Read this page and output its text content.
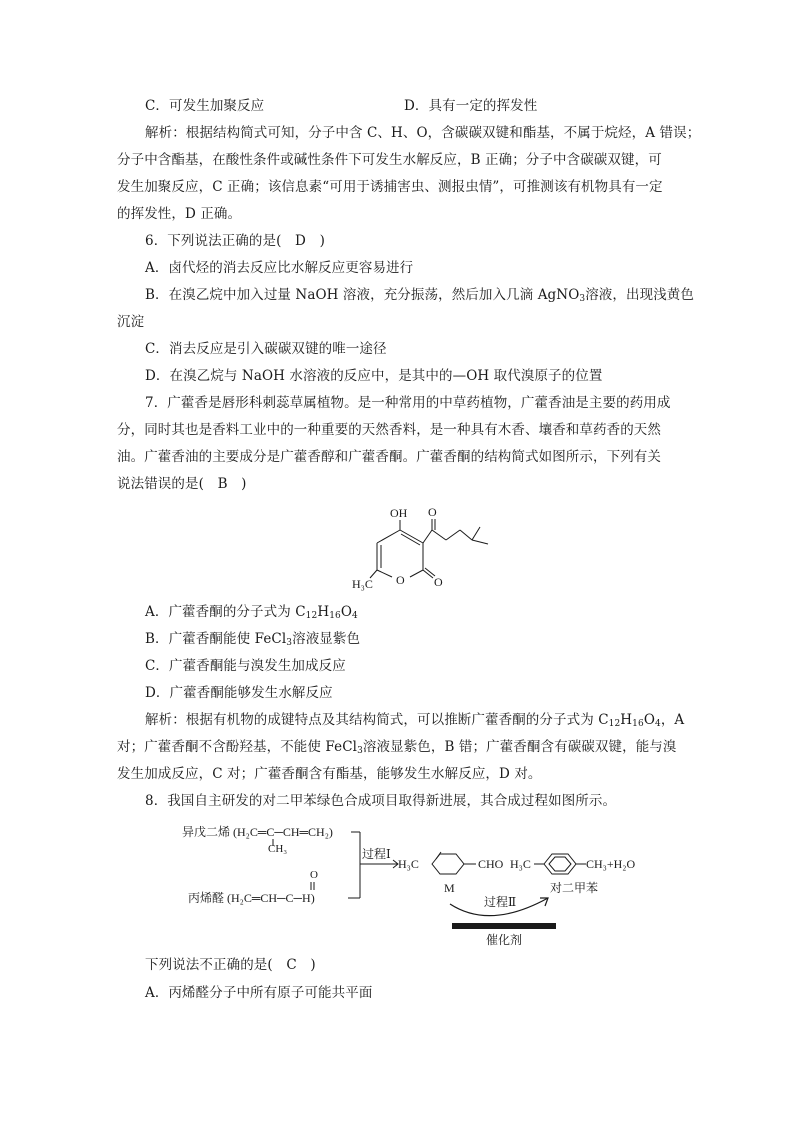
C．可发生加聚反应	D．具有一定的挥发性
解析：根据结构简式可知，分子中含 C、H、O，含碳碳双键和酯基，不属于烷烃，A 错误；
分子中含酯基，在酸性条件或碱性条件下可发生水解反应，B 正确；分子中含碳碳双键，可
发生加聚反应，C 正确；该信息素“可用于诱捕害虫、测报虫情”，可推测该有机物具有一定
的挥发性，D 正确。
6．下列说法正确的是(　D　)
A．卤代烃的消去反应比水解反应更容易进行
B．在溴乙烷中加入过量 NaOH 溶液，充分振荡，然后加入几滴 AgNO$_3$溶液，出现浅黄色
沉淀
C．消去反应是引入碳碳双键的唯一途径
D．在溴乙烷与 NaOH 水溶液的反应中，是其中的—OH 取代溴原子的位置
7．广藿香是唇形科刺蕊草属植物。是一种常用的中草药植物，广藿香油是主要的药用成
分，同时其也是香料工业中的一种重要的天然香料，是一种具有木香、壤香和草药香的天然
油。广藿香油的主要成分是广藿香醇和广藿香酮。广藿香酮的结构简式如图所示，下列有关
说法错误的是(　B　)
OH O
H₃C O O
A．广藿香酮的分子式为 $C_{12}H_{16}O_4$
B．广藿香酮能使 FeCl$_3$溶液显紫色
C．广藿香酮能与溴发生加成反应
D．广藿香酮能够发生水解反应
解析：根据有机物的成键特点及其结构简式，可以推断广藿香酮的分子式为 $C_{12}H_{16}O_4$，A
对；广藿香酮不含酚羟基，不能使 FeCl$_3$溶液显紫色，B 错；广藿香酮含有碳碳双键，能与溴
发生加成反应，C 对；广藿香酮含有酯基，能够发生水解反应，D 对。
8．我国自主研发的对二甲苯绿色合成项目取得新进展，其合成过程如图所示。
异戊二烯 (H₂C═C─CH═CH₂)
CH₃
丙烯醛 (H₂C═CH─C─H)
O
过程Ⅰ
H₃C	CHO
M
H₃C	CH₃+H₂O
对二甲苯
过程Ⅱ
催化剂
下列说法不正确的是(　C　)
A．丙烯醛分子中所有原子可能共平面
